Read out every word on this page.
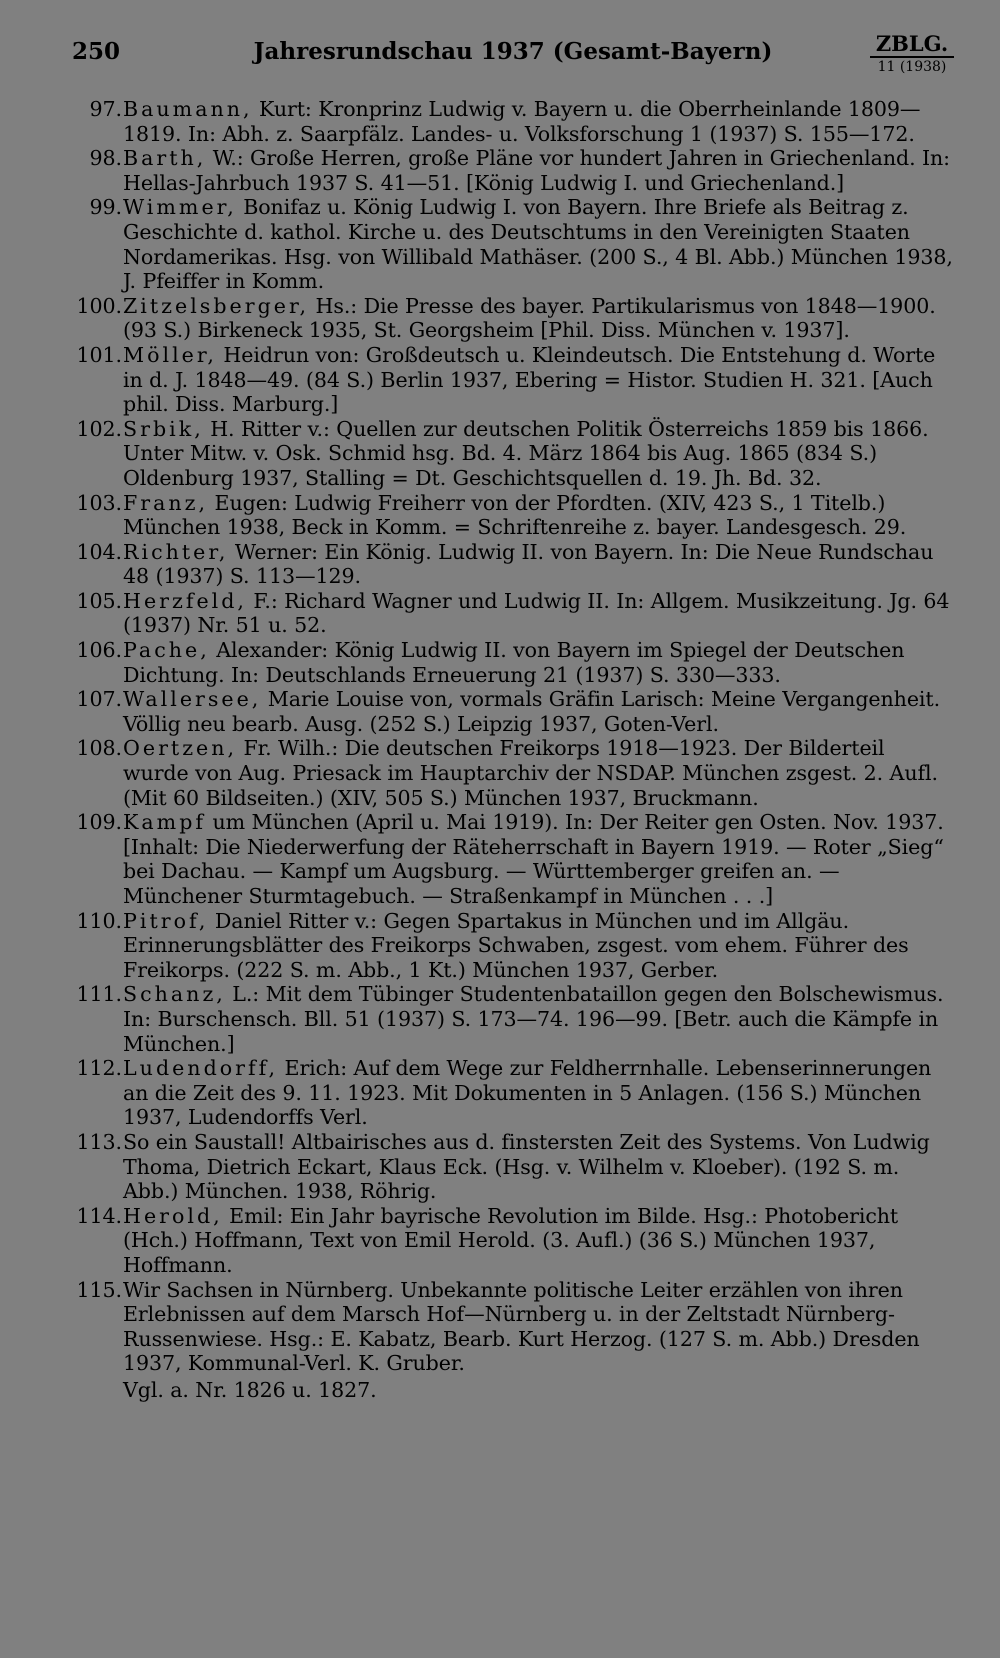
250	Jahresrundschau 1937 (Gesamt-Bayern)	ZBLG.
11 (1938)

97. Baumann, Kurt: Kronprinz Ludwig v. Bayern u. die Oberrheinlande 1809—1819. In: Abh. z. Saarpfälz. Landes- u. Volksforschung 1 (1937) S. 155—172.

98. Barth, W.: Große Herren, große Pläne vor hundert Jahren in Griechenland. In: Hellas-Jahrbuch 1937 S. 41—51. [König Ludwig I. und Griechenland.]

99. Wimmer, Bonifaz u. König Ludwig I. von Bayern. Ihre Briefe als Beitrag z. Geschichte d. kathol. Kirche u. des Deutschtums in den Vereinigten Staaten Nordamerikas. Hsg. von Willibald Mathäser. (200 S., 4 Bl. Abb.) München 1938, J. Pfeiffer in Komm.

100. Zitzelsberger, Hs.: Die Presse des bayer. Partikularismus von 1848—1900. (93 S.) Birkeneck 1935, St. Georgsheim [Phil. Diss. München v. 1937].

101. Möller, Heidrun von: Großdeutsch u. Kleindeutsch. Die Entstehung d. Worte in d. J. 1848—49. (84 S.) Berlin 1937, Ebering = Histor. Studien H. 321. [Auch phil. Diss. Marburg.]

102. Srbik, H. Ritter v.: Quellen zur deutschen Politik Österreichs 1859 bis 1866. Unter Mitw. v. Osk. Schmid hsg. Bd. 4. März 1864 bis Aug. 1865 (834 S.) Oldenburg 1937, Stalling = Dt. Geschichtsquellen d. 19. Jh. Bd. 32.

103. Franz, Eugen: Ludwig Freiherr von der Pfordten. (XIV, 423 S., 1 Titelb.) München 1938, Beck in Komm. = Schriftenreihe z. bayer. Landesgesch. 29.

104. Richter, Werner: Ein König. Ludwig II. von Bayern. In: Die Neue Rundschau 48 (1937) S. 113—129.

105. Herzfeld, F.: Richard Wagner und Ludwig II. In: Allgem. Musikzeitung. Jg. 64 (1937) Nr. 51 u. 52.

106. Pache, Alexander: König Ludwig II. von Bayern im Spiegel der Deutschen Dichtung. In: Deutschlands Erneuerung 21 (1937) S. 330—333.

107. Wallersee, Marie Louise von, vormals Gräfin Larisch: Meine Vergangenheit. Völlig neu bearb. Ausg. (252 S.) Leipzig 1937, Goten-Verl.

108. Oertzen, Fr. Wilh.: Die deutschen Freikorps 1918—1923. Der Bilderteil wurde von Aug. Priesack im Hauptarchiv der NSDAP. München zsgest. 2. Aufl. (Mit 60 Bildseiten.) (XIV, 505 S.) München 1937, Bruckmann.

109. Kampf um München (April u. Mai 1919). In: Der Reiter gen Osten. Nov. 1937. [Inhalt: Die Niederwerfung der Räteherrschaft in Bayern 1919. — Roter „Sieg“ bei Dachau. — Kampf um Augsburg. — Württemberger greifen an. — Münchener Sturmtagebuch. — Straßenkampf in München . . .]

110. Pitrof, Daniel Ritter v.: Gegen Spartakus in München und im Allgäu. Erinnerungsblätter des Freikorps Schwaben, zsgest. vom ehem. Führer des Freikorps. (222 S. m. Abb., 1 Kt.) München 1937, Gerber.

111. Schanz, L.: Mit dem Tübinger Studentenbataillon gegen den Bolschewismus. In: Burschensch. Bll. 51 (1937) S. 173—74. 196—99. [Betr. auch die Kämpfe in München.]

112. Ludendorff, Erich: Auf dem Wege zur Feldherrnhalle. Lebenserinnerungen an die Zeit des 9. 11. 1923. Mit Dokumenten in 5 Anlagen. (156 S.) München 1937, Ludendorffs Verl.

113. So ein Saustall! Altbairisches aus d. finstersten Zeit des Systems. Von Ludwig Thoma, Dietrich Eckart, Klaus Eck. (Hsg. v. Wilhelm v. Kloeber). (192 S. m. Abb.) München. 1938, Röhrig.

114. Herold, Emil: Ein Jahr bayrische Revolution im Bilde. Hsg.: Photobericht (Hch.) Hoffmann, Text von Emil Herold. (3. Aufl.) (36 S.) München 1937, Hoffmann.

115. Wir Sachsen in Nürnberg. Unbekannte politische Leiter erzählen von ihren Erlebnissen auf dem Marsch Hof—Nürnberg u. in der Zeltstadt Nürnberg-Russenwiese. Hsg.: E. Kabatz, Bearb. Kurt Herzog. (127 S. m. Abb.) Dresden 1937, Kommunal-Verl. K. Gruber.

Vgl. a. Nr. 1826 u. 1827.
